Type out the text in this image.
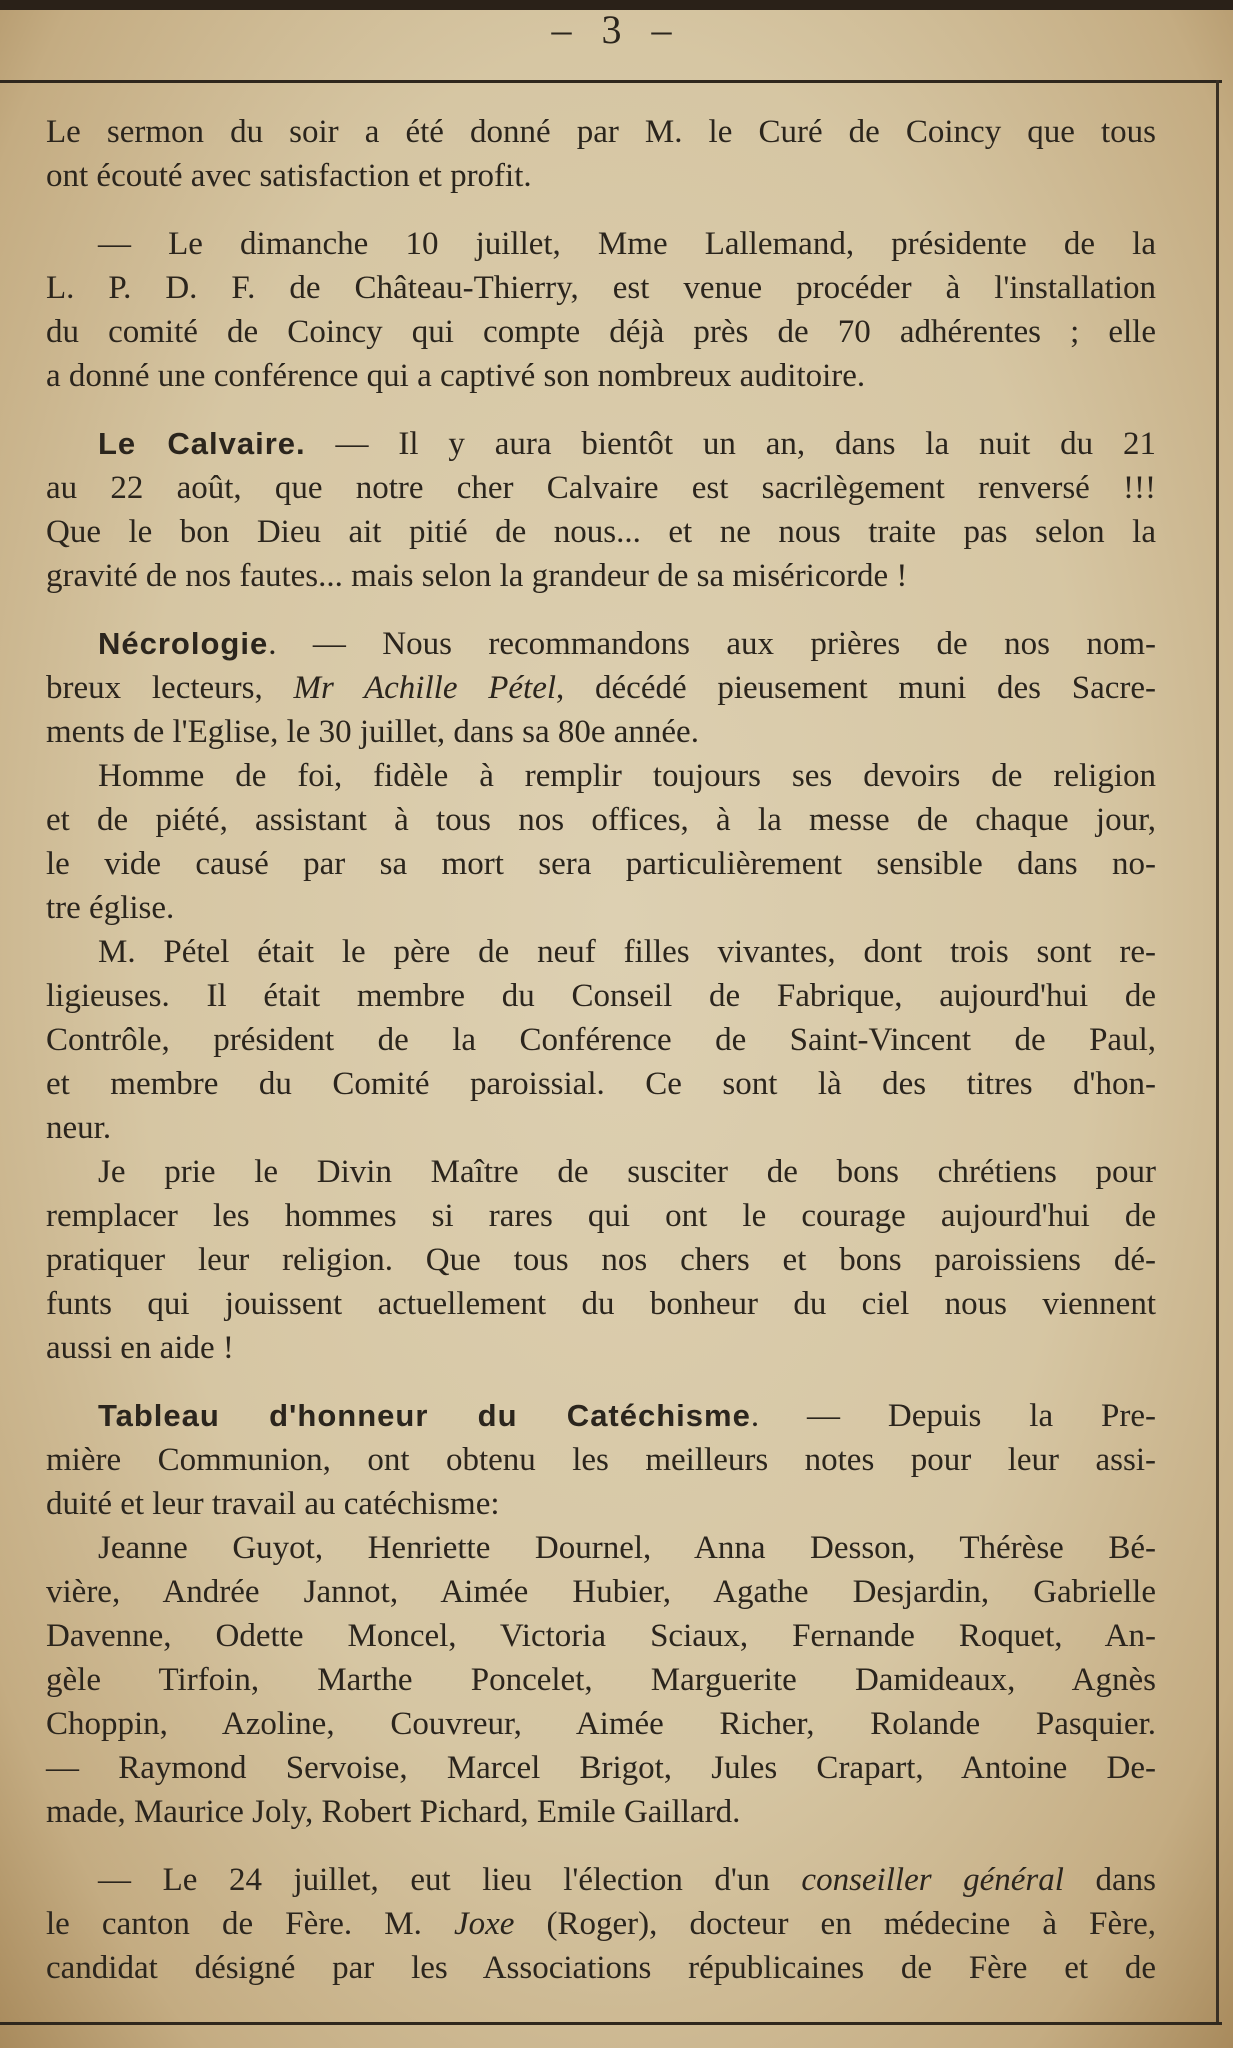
– 3 –
Le sermon du soir a été donné par M. le Curé de Coincy que tous
ont écouté avec satisfaction et profit.
— Le dimanche 10 juillet, Mme Lallemand, présidente de la
L. P. D. F. de Château-Thierry, est venue procéder à l'installation
du comité de Coincy qui compte déjà près de 70 adhérentes ; elle
a donné une conférence qui a captivé son nombreux auditoire.
Le Calvaire. — Il y aura bientôt un an, dans la nuit du 21
au 22 août, que notre cher Calvaire est sacrilègement renversé !!!
Que le bon Dieu ait pitié de nous... et ne nous traite pas selon la
gravité de nos fautes... mais selon la grandeur de sa miséricorde !
Nécrologie. — Nous recommandons aux prières de nos nom-
breux lecteurs, Mr Achille Pétel, décédé pieusement muni des Sacre-
ments de l'Eglise, le 30 juillet, dans sa 80e année.
Homme de foi, fidèle à remplir toujours ses devoirs de religion
et de piété, assistant à tous nos offices, à la messe de chaque jour,
le vide causé par sa mort sera particulièrement sensible dans no-
tre église.
M. Pétel était le père de neuf filles vivantes, dont trois sont re-
ligieuses. Il était membre du Conseil de Fabrique, aujourd'hui de
Contrôle, président de la Conférence de Saint-Vincent de Paul,
et membre du Comité paroissial. Ce sont là des titres d'hon-
neur.
Je prie le Divin Maître de susciter de bons chrétiens pour
remplacer les hommes si rares qui ont le courage aujourd'hui de
pratiquer leur religion. Que tous nos chers et bons paroissiens dé-
funts qui jouissent actuellement du bonheur du ciel nous viennent
aussi en aide !
Tableau d'honneur du Catéchisme. — Depuis la Pre-
mière Communion, ont obtenu les meilleurs notes pour leur assi-
duité et leur travail au catéchisme:
Jeanne Guyot, Henriette Dournel, Anna Desson, Thérèse Bé-
vière, Andrée Jannot, Aimée Hubier, Agathe Desjardin, Gabrielle
Davenne, Odette Moncel, Victoria Sciaux, Fernande Roquet, An-
gèle Tirfoin, Marthe Poncelet, Marguerite Damideaux, Agnès
Choppin, Azoline, Couvreur, Aimée Richer, Rolande Pasquier.
— Raymond Servoise, Marcel Brigot, Jules Crapart, Antoine De-
made, Maurice Joly, Robert Pichard, Emile Gaillard.
— Le 24 juillet, eut lieu l'élection d'un conseiller général dans
le canton de Fère. M. Joxe (Roger), docteur en médecine à Fère,
candidat désigné par les Associations républicaines de Fère et de
